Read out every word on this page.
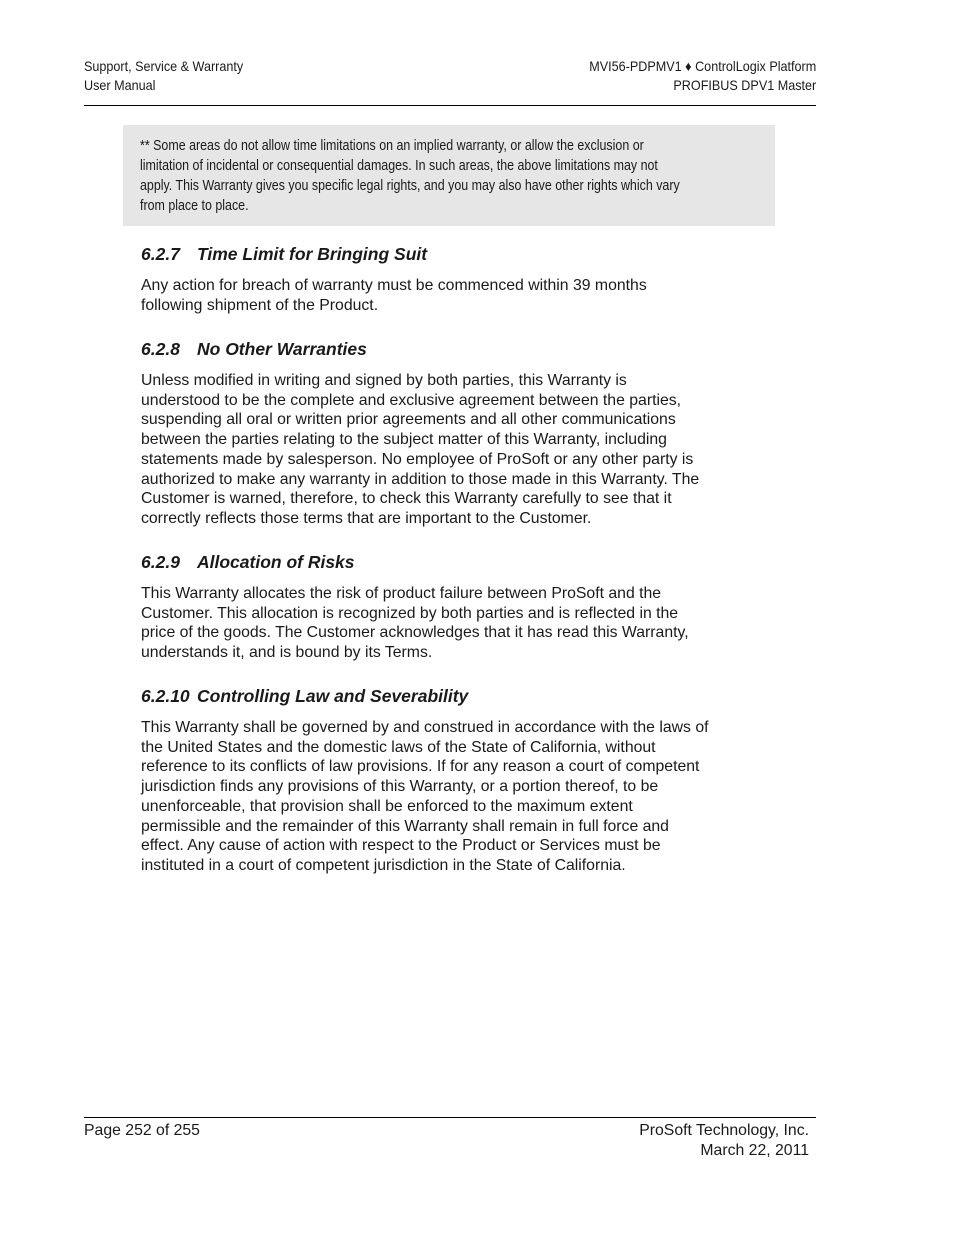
Support, Service & Warranty
User Manual
MVI56-PDPMV1 ♦ ControlLogix Platform
PROFIBUS DPV1 Master

** Some areas do not allow time limitations on an implied warranty, or allow the exclusion or
limitation of incidental or consequential damages. In such areas, the above limitations may not
apply. This Warranty gives you specific legal rights, and you may also have other rights which vary
from place to place.

6.2.7 Time Limit for Bringing Suit

Any action for breach of warranty must be commenced within 39 months
following shipment of the Product.

6.2.8 No Other Warranties

Unless modified in writing and signed by both parties, this Warranty is
understood to be the complete and exclusive agreement between the parties,
suspending all oral or written prior agreements and all other communications
between the parties relating to the subject matter of this Warranty, including
statements made by salesperson. No employee of ProSoft or any other party is
authorized to make any warranty in addition to those made in this Warranty. The
Customer is warned, therefore, to check this Warranty carefully to see that it
correctly reflects those terms that are important to the Customer.

6.2.9 Allocation of Risks

This Warranty allocates the risk of product failure between ProSoft and the
Customer. This allocation is recognized by both parties and is reflected in the
price of the goods. The Customer acknowledges that it has read this Warranty,
understands it, and is bound by its Terms.

6.2.10 Controlling Law and Severability

This Warranty shall be governed by and construed in accordance with the laws of
the United States and the domestic laws of the State of California, without
reference to its conflicts of law provisions. If for any reason a court of competent
jurisdiction finds any provisions of this Warranty, or a portion thereof, to be
unenforceable, that provision shall be enforced to the maximum extent
permissible and the remainder of this Warranty shall remain in full force and
effect. Any cause of action with respect to the Product or Services must be
instituted in a court of competent jurisdiction in the State of California.

Page 252 of 255	ProSoft Technology, Inc.
March 22, 2011
